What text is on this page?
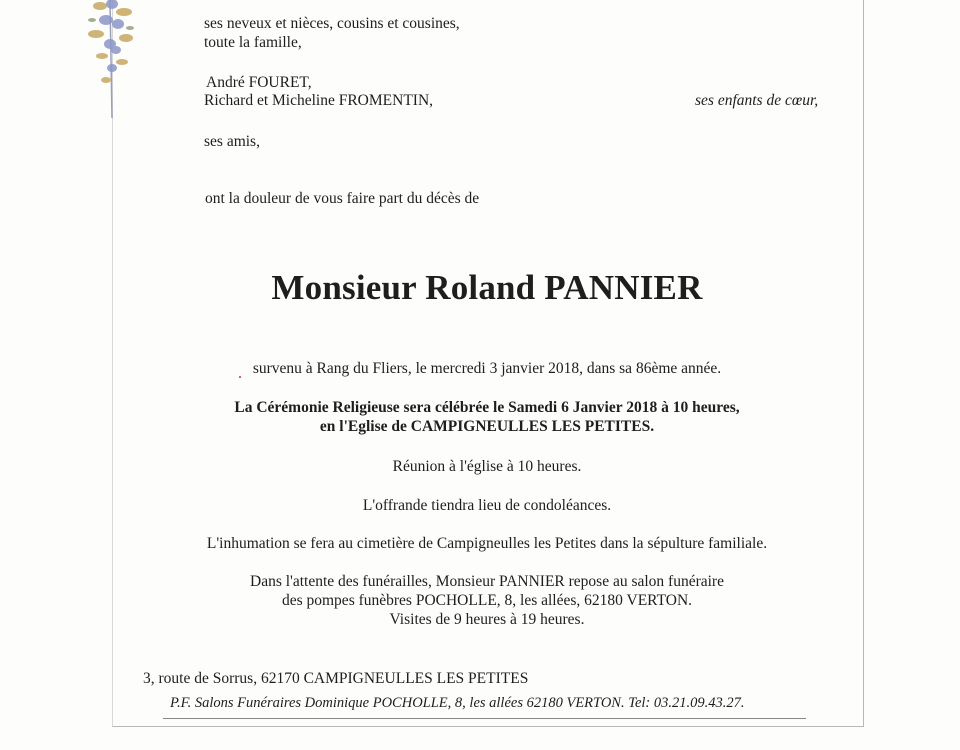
ses neveux et nièces, cousins et cousines,
toute la famille,
André FOURET,
Richard et Micheline FROMENTIN,	ses enfants de cœur,
ses amis,
ont la douleur de vous faire part du décès de
Monsieur Roland PANNIER
survenu à Rang du Fliers, le mercredi 3 janvier 2018, dans sa 86ème année.
La Cérémonie Religieuse sera célébrée le Samedi 6 Janvier 2018 à 10 heures,
en l'Eglise de CAMPIGNEULLES LES PETITES.
Réunion à l'église à 10 heures.
L'offrande tiendra lieu de condoléances.
L'inhumation se fera au cimetière de Campigneulles les Petites dans la sépulture familiale.
Dans l'attente des funérailles, Monsieur PANNIER repose au salon funéraire
des pompes funèbres POCHOLLE, 8, les allées, 62180 VERTON.
Visites de 9 heures à 19 heures.
3, route de Sorrus, 62170 CAMPIGNEULLES LES PETITES
P.F. Salons Funéraires Dominique POCHOLLE, 8, les allées 62180 VERTON. Tel: 03.21.09.43.27.
